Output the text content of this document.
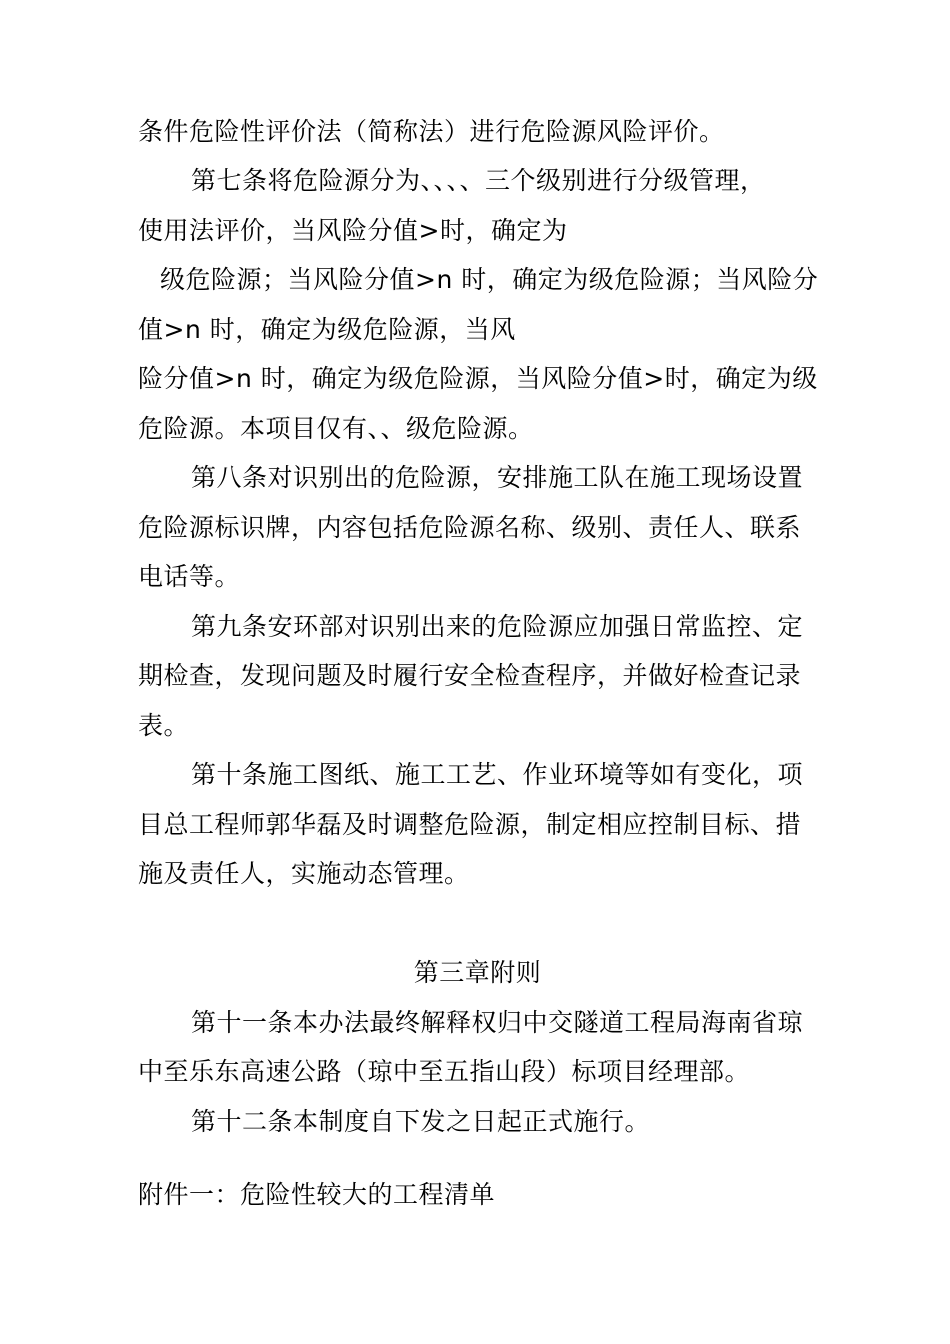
条件危险性评价法（简称法）进行危险源风险评价。
第七条将危险源分为、、、、三个级别进行分级管理，
使用法评价，当风险分值>时，确定为
级危险源；当风险分值>n 时，确定为级危险源；当风险分
值>n 时，确定为级危险源，当风
险分值>n 时，确定为级危险源，当风险分值>时，确定为级
危险源。本项目仅有、、级危险源。
第八条对识别出的危险源，安排施工队在施工现场设置
危险源标识牌，内容包括危险源名称、级别、责任人、联系
电话等。
第九条安环部对识别出来的危险源应加强日常监控、定
期检查，发现问题及时履行安全检查程序，并做好检查记录
表。
第十条施工图纸、施工工艺、作业环境等如有变化，项
目总工程师郭华磊及时调整危险源，制定相应控制目标、措
施及责任人，实施动态管理。
第三章附则
第十一条本办法最终解释权归中交隧道工程局海南省琼
中至乐东高速公路（琼中至五指山段）标项目经理部。
第十二条本制度自下发之日起正式施行。
附件一：危险性较大的工程清单
